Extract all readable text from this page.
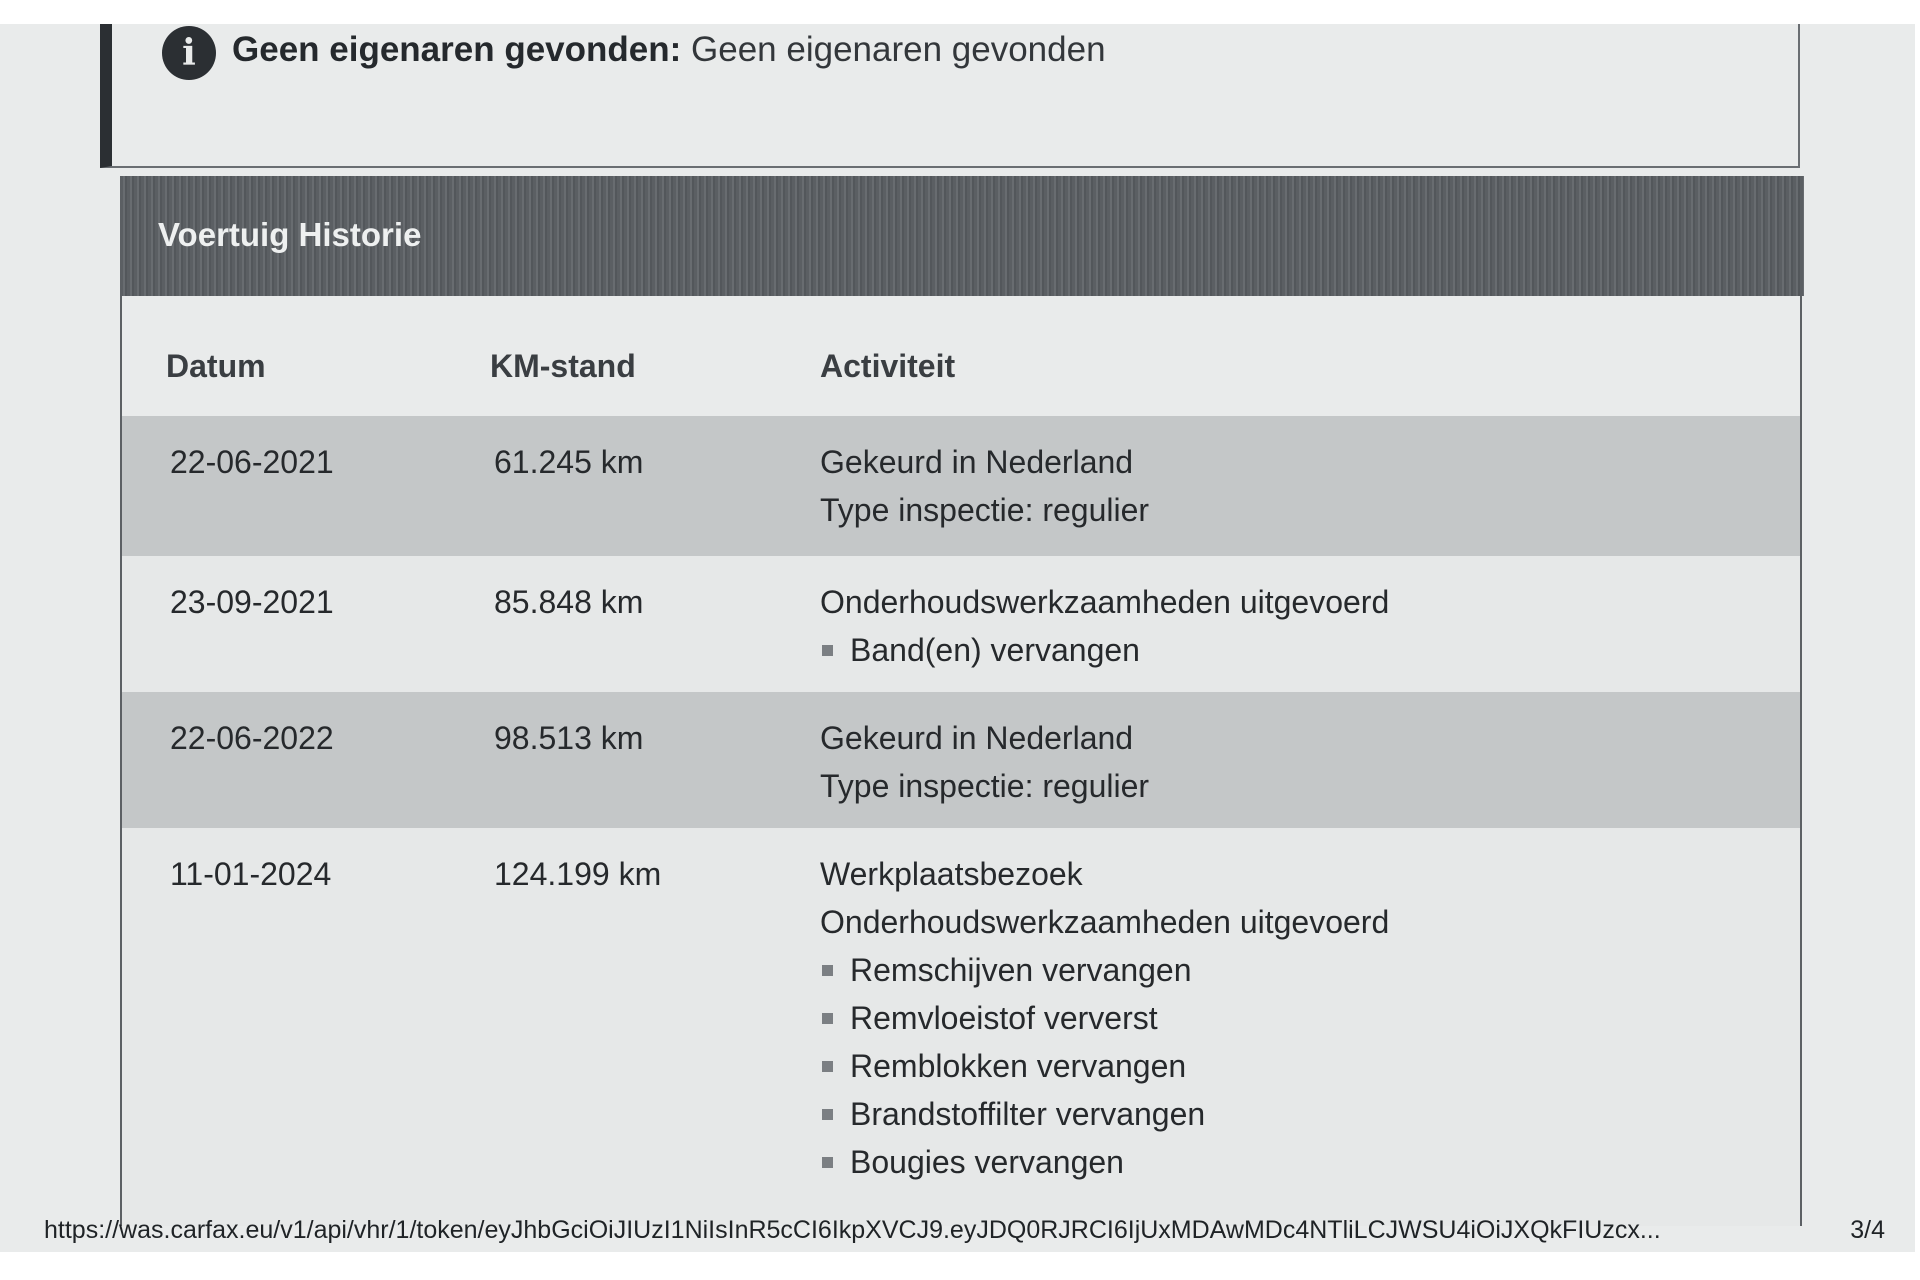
i	Geen eigenaren gevonden: Geen eigenaren gevonden
Voertuig Historie
Datum	KM-stand	Activiteit
22-06-2021	61.245 km	Gekeurd in Nederland
Type inspectie: regulier
23-09-2021	85.848 km	Onderhoudswerkzaamheden uitgevoerd
Band(en) vervangen
22-06-2022	98.513 km	Gekeurd in Nederland
Type inspectie: regulier
11-01-2024	124.199 km	Werkplaatsbezoek
Onderhoudswerkzaamheden uitgevoerd
Remschijven vervangen
Remvloeistof ververst
Remblokken vervangen
Brandstoffilter vervangen
Bougies vervangen
https://was.carfax.eu/v1/api/vhr/1/token/eyJhbGciOiJIUzI1NiIsInR5cCI6IkpXVCJ9.eyJDQ0RJRCI6IjUxMDAwMDc4NTliLCJWSU4iOiJXQkFIUzcx...	3/4
